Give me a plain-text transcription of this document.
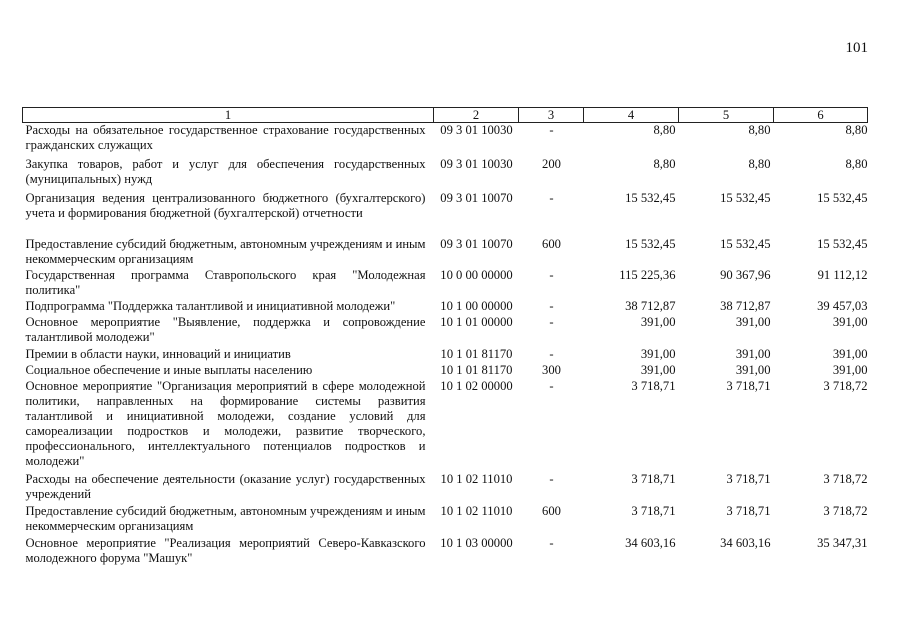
101
1	2	3	4	5	6
Расходы на обязательное государственное страхование государственных гражданских служащих	09 3 01 10030	-	8,80	8,80	8,80
Закупка товаров, работ и услуг для обеспечения государственных (муниципальных) нужд	09 3 01 10030	200	8,80	8,80	8,80
Организация ведения централизованного бюджетного (бухгалтерского) учета и формирования бюджетной (бухгалтерской) отчетности	09 3 01 10070	-	15 532,45	15 532,45	15 532,45
Предоставление субсидий бюджетным, автономным учреждениям и иным некоммерческим организациям	09 3 01 10070	600	15 532,45	15 532,45	15 532,45
Государственная программа Ставропольского края "Молодежная политика"	10 0 00 00000	-	115 225,36	90 367,96	91 112,12
Подпрограмма "Поддержка талантливой и инициативной молодежи"	10 1 00 00000	-	38 712,87	38 712,87	39 457,03
Основное мероприятие "Выявление, поддержка и сопровождение талантливой молодежи"	10 1 01 00000	-	391,00	391,00	391,00
Премии в области науки, инноваций и инициатив	10 1 01 81170	-	391,00	391,00	391,00
Социальное обеспечение и иные выплаты населению	10 1 01 81170	300	391,00	391,00	391,00
Основное мероприятие "Организация мероприятий в сфере молодежной политики, направленных на формирование системы развития талантливой и инициативной молодежи, создание условий для самореализации подростков и молодежи, развитие творческого, профессионального, интеллектуального потенциалов подростков и молодежи"	10 1 02 00000	-	3 718,71	3 718,71	3 718,72
Расходы на обеспечение деятельности (оказание услуг) государственных учреждений	10 1 02 11010	-	3 718,71	3 718,71	3 718,72
Предоставление субсидий бюджетным, автономным учреждениям и иным некоммерческим организациям	10 1 02 11010	600	3 718,71	3 718,71	3 718,72
Основное мероприятие "Реализация мероприятий Северо-Кавказского молодежного форума "Машук"	10 1 03 00000	-	34 603,16	34 603,16	35 347,31
